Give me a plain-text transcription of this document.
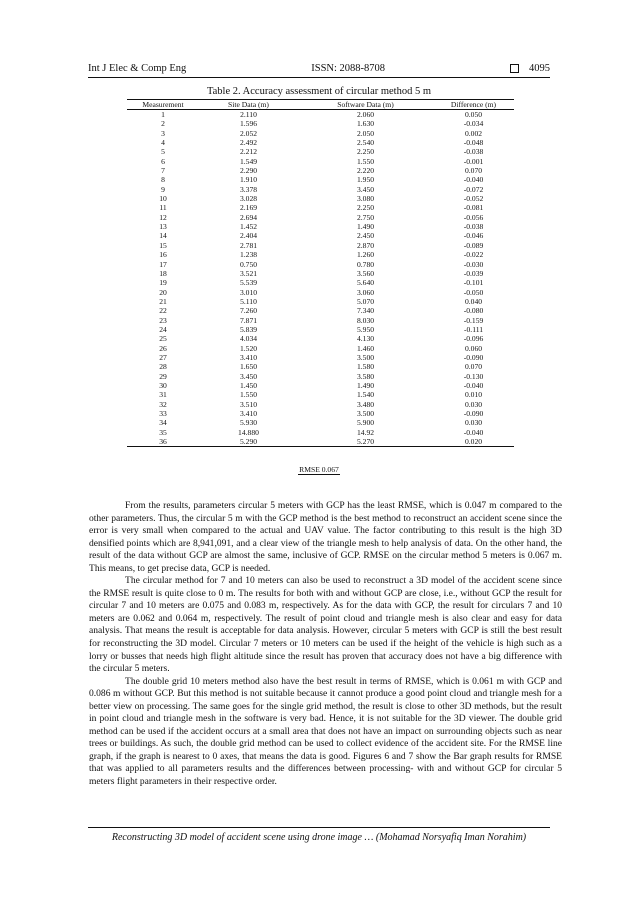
Int J Elec & Comp Eng	ISSN: 2088-8708	4095
Table 2. Accuracy assessment of circular method 5 m
Measurement	Site Data (m)	Software Data (m)	Difference (m)
1	2.110	2.060	0.050
2	1.596	1.630	-0.034
3	2.052	2.050	0.002
4	2.492	2.540	-0.048
5	2.212	2.250	-0.038
6	1.549	1.550	-0.001
7	2.290	2.220	0.070
8	1.910	1.950	-0.040
9	3.378	3.450	-0.072
10	3.028	3.080	-0.052
11	2.169	2.250	-0.081
12	2.694	2.750	-0.056
13	1.452	1.490	-0.038
14	2.404	2.450	-0.046
15	2.781	2.870	-0.089
16	1.238	1.260	-0.022
17	0.750	0.780	-0.030
18	3.521	3.560	-0.039
19	5.539	5.640	-0.101
20	3.010	3.060	-0.050
21	5.110	5.070	0.040
22	7.260	7.340	-0.080
23	7.871	8.030	-0.159
24	5.839	5.950	-0.111
25	4.034	4.130	-0.096
26	1.520	1.460	0.060
27	3.410	3.500	-0.090
28	1.650	1.580	0.070
29	3.450	3.580	-0.130
30	1.450	1.490	-0.040
31	1.550	1.540	0.010
32	3.510	3.480	0.030
33	3.410	3.500	-0.090
34	5.930	5.900	0.030
35	14.880	14.92	-0.040
36	5.290	5.270	0.020
RMSE 0.067

From the results, parameters circular 5 meters with GCP has the least RMSE, which is 0.047 m compared to the other parameters. Thus, the circular 5 m with the GCP method is the best method to reconstruct an accident scene since the error is very small when compared to the actual and UAV value. The factor contributing to this result is the high 3D densified points which are 8,941,091, and a clear view of the triangle mesh to help analysis of data. On the other hand, the result of the data without GCP are almost the same, inclusive of GCP. RMSE on the circular method 5 meters is 0.067 m. This means, to get precise data, GCP is needed.

The circular method for 7 and 10 meters can also be used to reconstruct a 3D model of the accident scene since the RMSE result is quite close to 0 m. The results for both with and without GCP are close, i.e., without GCP the result for circular 7 and 10 meters are 0.075 and 0.083 m, respectively. As for the data with GCP, the result for circulars 7 and 10 meters are 0.062 and 0.064 m, respectively. The result of point cloud and triangle mesh is also clear and easy for data analysis. That means the result is acceptable for data analysis. However, circular 5 meters with GCP is still the best result for reconstructing the 3D model. Circular 7 meters or 10 meters can be used if the height of the vehicle is high such as a lorry or busses that needs high flight altitude since the result has proven that accuracy does not have a big difference with the circular 5 meters.

The double grid 10 meters method also have the best result in terms of RMSE, which is 0.061 m with GCP and 0.086 m without GCP. But this method is not suitable because it cannot produce a good point cloud and triangle mesh for a better view on processing. The same goes for the single grid method, the result is close to other 3D methods, but the result in point cloud and triangle mesh in the software is very bad. Hence, it is not suitable for the 3D viewer. The double grid method can be used if the accident occurs at a small area that does not have an impact on surrounding objects such as near trees or buildings. As such, the double grid method can be used to collect evidence of the accident site. For the RMSE line graph, if the graph is nearest to 0 axes, that means the data is good. Figures 6 and 7 show the Bar graph results for RMSE that was applied to all parameters results and the differences between processing- with and without GCP for circular 5 meters flight parameters in their respective order.

Reconstructing 3D model of accident scene using drone image … (Mohamad Norsyafiq Iman Norahim)
